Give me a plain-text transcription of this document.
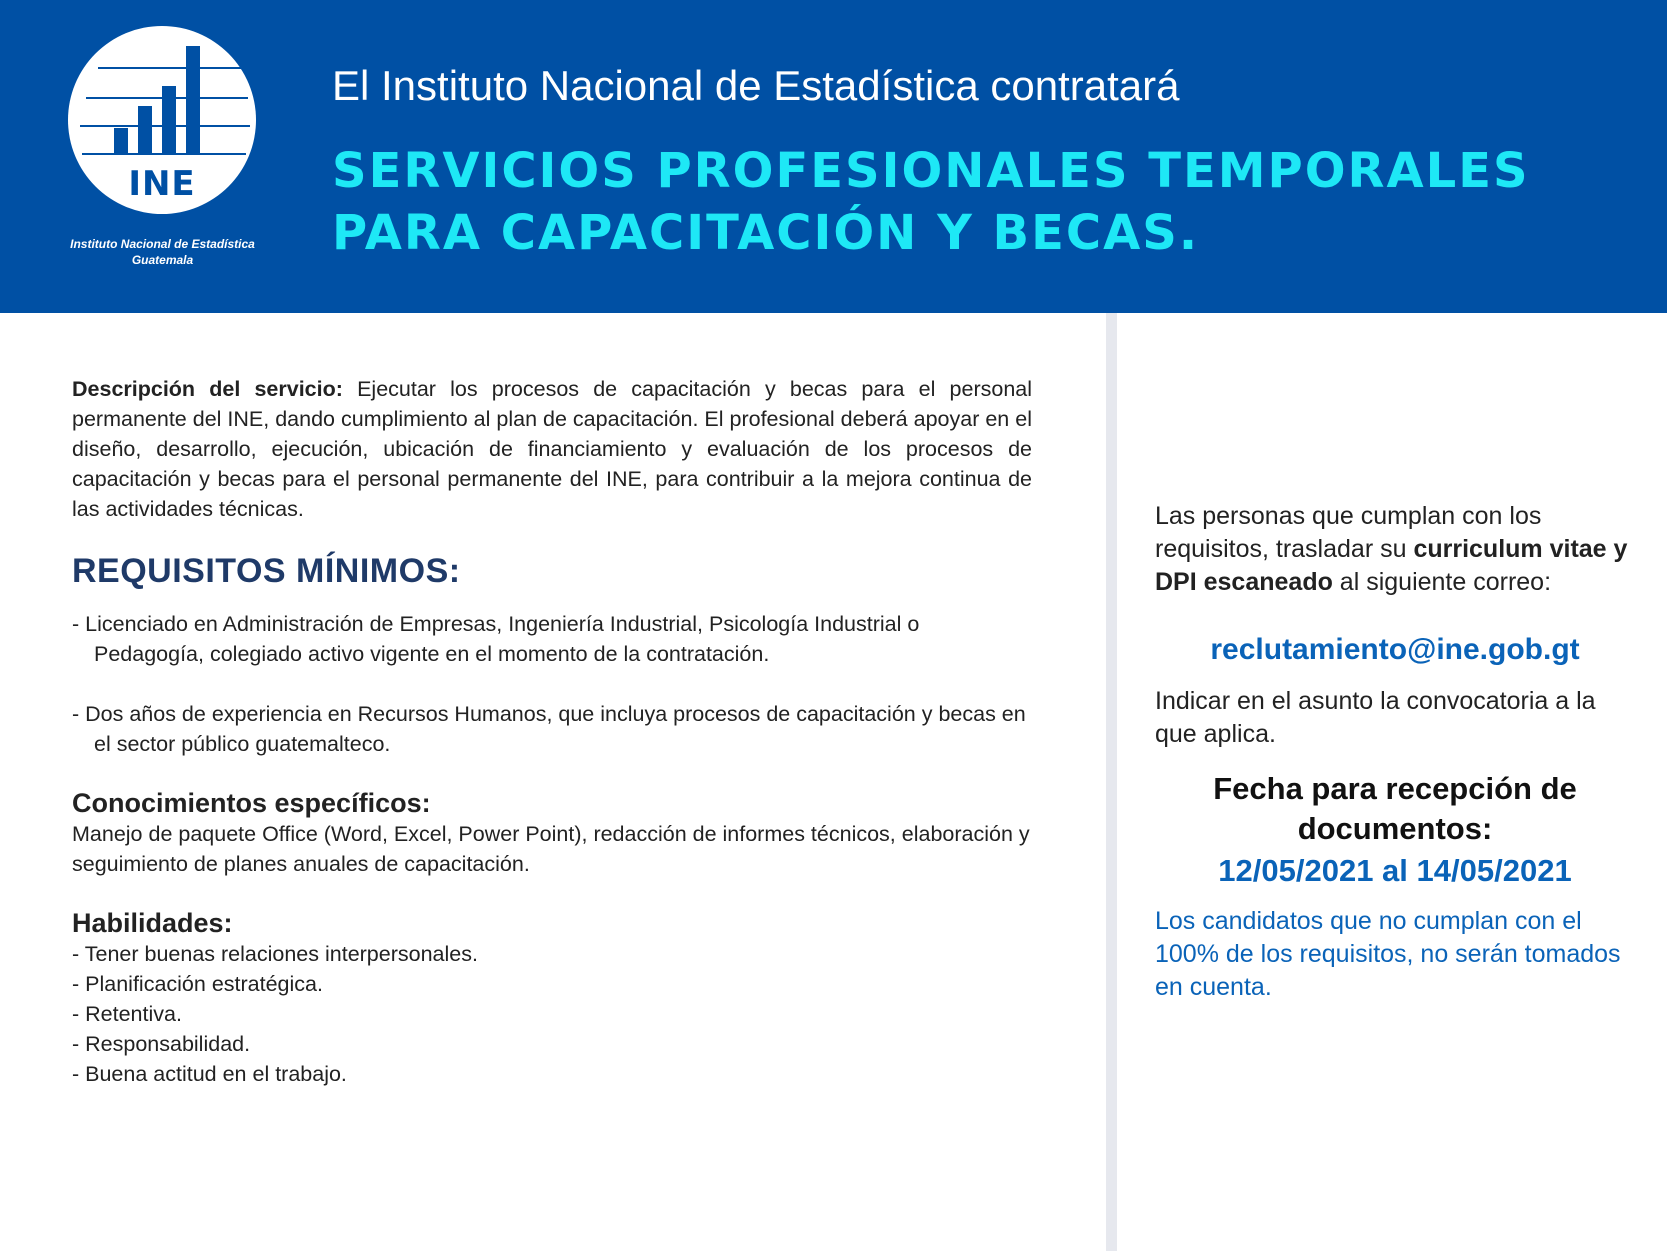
INE
Instituto Nacional de Estadística
Guatemala
El Instituto Nacional de Estadística contratará
SERVICIOS PROFESIONALES TEMPORALES
PARA CAPACITACIÓN Y BECAS.

Descripción del servicio: Ejecutar los procesos de capacitación y becas para el personal permanente del INE, dando cumplimiento al plan de capacitación. El profesional deberá apoyar en el diseño, desarrollo, ejecución, ubicación de financiamiento y evaluación de los procesos de capacitación y becas para el personal permanente del INE, para contribuir a la mejora continua de las actividades técnicas.

REQUISITOS MÍNIMOS:
- Licenciado en Administración de Empresas, Ingeniería Industrial, Psicología Industrial o Pedagogía, colegiado activo vigente en el momento de la contratación.
- Dos años de experiencia en Recursos Humanos, que incluya procesos de capacitación y becas en el sector público guatemalteco.
Conocimientos específicos:
Manejo de paquete Office (Word, Excel, Power Point), redacción de informes técnicos, elaboración y seguimiento de planes anuales de capacitación.
Habilidades:
- Tener buenas relaciones interpersonales.
- Planificación estratégica.
- Retentiva.
- Responsabilidad.
- Buena actitud en el trabajo.

Las personas que cumplan con los requisitos, trasladar su curriculum vitae y DPI escaneado al siguiente correo:

reclutamiento@ine.gob.gt
Indicar en el asunto la convocatoria a la que aplica.
Fecha para recepción de documentos:
12/05/2021 al 14/05/2021
Los candidatos que no cumplan con el 100% de los requisitos, no serán tomados en cuenta.
